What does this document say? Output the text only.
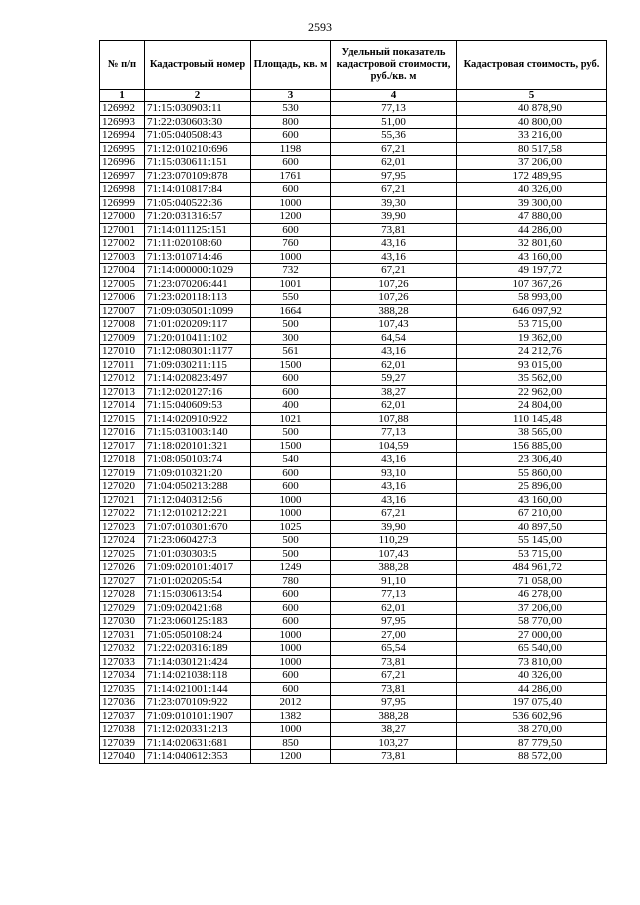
2593
№ п/п	Кадастровый номер	Площадь, кв. м	Удельный показатель кадастровой стоимости, руб./кв. м	Кадастровая стоимость, руб.
1	2	3	4	5
126992	71:15:030903:11	530	77,13	40 878,90
126993	71:22:030603:30	800	51,00	40 800,00
126994	71:05:040508:43	600	55,36	33 216,00
126995	71:12:010210:696	1198	67,21	80 517,58
126996	71:15:030611:151	600	62,01	37 206,00
126997	71:23:070109:878	1761	97,95	172 489,95
126998	71:14:010817:84	600	67,21	40 326,00
126999	71:05:040522:36	1000	39,30	39 300,00
127000	71:20:031316:57	1200	39,90	47 880,00
127001	71:14:011125:151	600	73,81	44 286,00
127002	71:11:020108:60	760	43,16	32 801,60
127003	71:13:010714:46	1000	43,16	43 160,00
127004	71:14:000000:1029	732	67,21	49 197,72
127005	71:23:070206:441	1001	107,26	107 367,26
127006	71:23:020118:113	550	107,26	58 993,00
127007	71:09:030501:1099	1664	388,28	646 097,92
127008	71:01:020209:117	500	107,43	53 715,00
127009	71:20:010411:102	300	64,54	19 362,00
127010	71:12:080301:1177	561	43,16	24 212,76
127011	71:09:030211:115	1500	62,01	93 015,00
127012	71:14:020823:497	600	59,27	35 562,00
127013	71:12:020127:16	600	38,27	22 962,00
127014	71:15:040609:53	400	62,01	24 804,00
127015	71:14:020910:922	1021	107,88	110 145,48
127016	71:15:031003:140	500	77,13	38 565,00
127017	71:18:020101:321	1500	104,59	156 885,00
127018	71:08:050103:74	540	43,16	23 306,40
127019	71:09:010321:20	600	93,10	55 860,00
127020	71:04:050213:288	600	43,16	25 896,00
127021	71:12:040312:56	1000	43,16	43 160,00
127022	71:12:010212:221	1000	67,21	67 210,00
127023	71:07:010301:670	1025	39,90	40 897,50
127024	71:23:060427:3	500	110,29	55 145,00
127025	71:01:030303:5	500	107,43	53 715,00
127026	71:09:020101:4017	1249	388,28	484 961,72
127027	71:01:020205:54	780	91,10	71 058,00
127028	71:15:030613:54	600	77,13	46 278,00
127029	71:09:020421:68	600	62,01	37 206,00
127030	71:23:060125:183	600	97,95	58 770,00
127031	71:05:050108:24	1000	27,00	27 000,00
127032	71:22:020316:189	1000	65,54	65 540,00
127033	71:14:030121:424	1000	73,81	73 810,00
127034	71:14:021038:118	600	67,21	40 326,00
127035	71:14:021001:144	600	73,81	44 286,00
127036	71:23:070109:922	2012	97,95	197 075,40
127037	71:09:010101:1907	1382	388,28	536 602,96
127038	71:12:020331:213	1000	38,27	38 270,00
127039	71:14:020631:681	850	103,27	87 779,50
127040	71:14:040612:353	1200	73,81	88 572,00
